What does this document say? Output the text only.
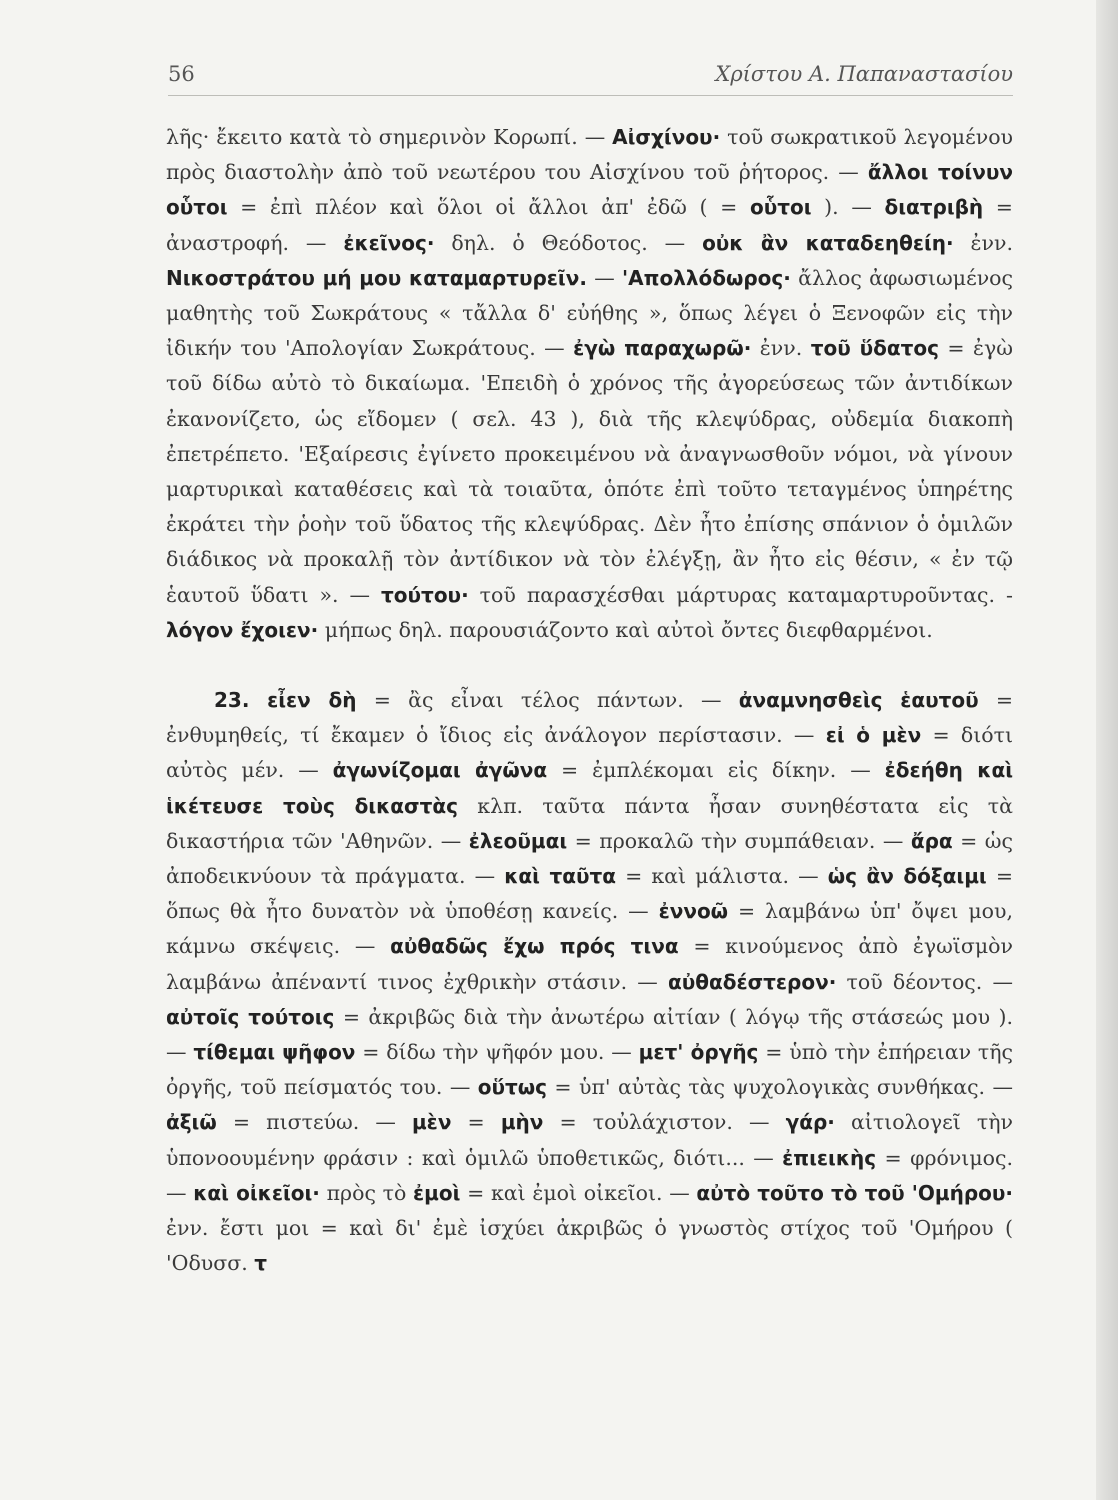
56	Χρίστου Α. Παπαναστασίου

λῆς· ἔκειτο κατὰ τὸ σημερινὸν Κορωπί. — Αἰσχίνου· τοῦ σωκρατικοῦ λεγομένου πρὸς διαστολὴν ἀπὸ τοῦ νεωτέρου του Αἰσχίνου τοῦ ῥήτορος. — ἄλλοι τοίνυν οὗτοι = ἐπὶ πλέον καὶ ὅλοι οἱ ἄλλοι ἀπ' ἐδῶ ( = οὗτοι ). — διατριβὴ = ἀναστροφή. — ἐκεῖνος· δηλ. ὁ Θεόδοτος. — οὐκ ἂν καταδεηθείη· ἐνν. Νικοστράτου μή μου καταμαρτυρεῖν. — 'Απολλόδωρος· ἄλλος ἀφωσιωμένος μαθητὴς τοῦ Σωκράτους « τἄλλα δ' εὐήθης », ὅπως λέγει ὁ Ξενοφῶν εἰς τὴν ἰδικήν του 'Απολογίαν Σωκράτους. — ἐγὼ παραχωρῶ· ἐνν. τοῦ ὕδατος = ἐγὼ τοῦ δίδω αὐτὸ τὸ δικαίωμα. 'Επειδὴ ὁ χρόνος τῆς ἀγορεύσεως τῶν ἀντιδίκων ἐκανονίζετο, ὡς εἴδομεν ( σελ. 43 ), διὰ τῆς κλεψύδρας, οὐδεμία διακοπὴ ἐπετρέπετο. 'Εξαίρεσις ἐγίνετο προκειμένου νὰ ἀναγνωσθοῦν νόμοι, νὰ γίνουν μαρτυρικαὶ καταθέσεις καὶ τὰ τοιαῦτα, ὁπότε ἐπὶ τοῦτο τεταγμένος ὑπηρέτης ἐκράτει τὴν ῥοὴν τοῦ ὕδατος τῆς κλεψύδρας. Δὲν ἦτο ἐπίσης σπάνιον ὁ ὁμιλῶν διάδικος νὰ προκαλῇ τὸν ἀντίδικον νὰ τὸν ἐλέγξῃ, ἂν ἦτο εἰς θέσιν, « ἐν τῷ ἑαυτοῦ ὕδατι ». — τούτου· τοῦ παρασχέσθαι μάρτυρας καταμαρτυροῦντας. - λόγον ἔχοιεν· μήπως δηλ. παρουσιάζοντο καὶ αὐτοὶ ὄντες διεφθαρμένοι.

23. εἶεν δὴ = ἂς εἶναι τέλος πάντων. — ἀναμνησθεὶς ἑαυτοῦ = ἐνθυμηθείς, τί ἔκαμεν ὁ ἴδιος εἰς ἀνάλογον περίστασιν. — εἰ ὁ μὲν = διότι αὐτὸς μέν. — ἀγωνίζομαι ἀγῶνα = ἐμπλέκομαι εἰς δίκην. — ἐδεήθη καὶ ἱκέτευσε τοὺς δικαστὰς κλπ. ταῦτα πάντα ἦσαν συνηθέστατα εἰς τὰ δικαστήρια τῶν 'Αθηνῶν. — ἐλεοῦμαι = προκαλῶ τὴν συμπάθειαν. — ἄρα = ὡς ἀποδεικνύουν τὰ πράγματα. — καὶ ταῦτα = καὶ μάλιστα. — ὡς ἂν δόξαιμι = ὅπως θὰ ἦτο δυνατὸν νὰ ὑποθέσῃ κανείς. — ἐννοῶ = λαμβάνω ὑπ' ὄψει μου, κάμνω σκέψεις. — αὐθαδῶς ἔχω πρός τινα = κινούμενος ἀπὸ ἐγωϊσμὸν λαμβάνω ἀπέναντί τινος ἐχθρικὴν στάσιν. — αὐθαδέστερον· τοῦ δέοντος. — αὐτοῖς τούτοις = ἀκριβῶς διὰ τὴν ἀνωτέρω αἰτίαν ( λόγῳ τῆς στάσεώς μου ). — τίθεμαι ψῆφον = δίδω τὴν ψῆφόν μου. — μετ' ὀργῆς = ὑπὸ τὴν ἐπήρειαν τῆς ὀργῆς, τοῦ πείσματός του. — οὕτως = ὑπ' αὐτὰς τὰς ψυχολογικὰς συνθήκας. — ἀξιῶ = πιστεύω. — μὲν = μὴν = τοὐλάχιστον. — γάρ· αἰτιολογεῖ τὴν ὑπονοουμένην φράσιν : καὶ ὁμιλῶ ὑποθετικῶς, διότι... — ἐπιεικὴς = φρόνιμος. — καὶ οἰκεῖοι· πρὸς τὸ ἐμοὶ = καὶ ἐμοὶ οἰκεῖοι. — αὐτὸ τοῦτο τὸ τοῦ 'Ομήρου· ἐνν. ἔστι μοι = καὶ δι' ἐμὲ ἰσχύει ἀκριβῶς ὁ γνωστὸς στίχος τοῦ 'Ομήρου ( 'Οδυσσ. τ
